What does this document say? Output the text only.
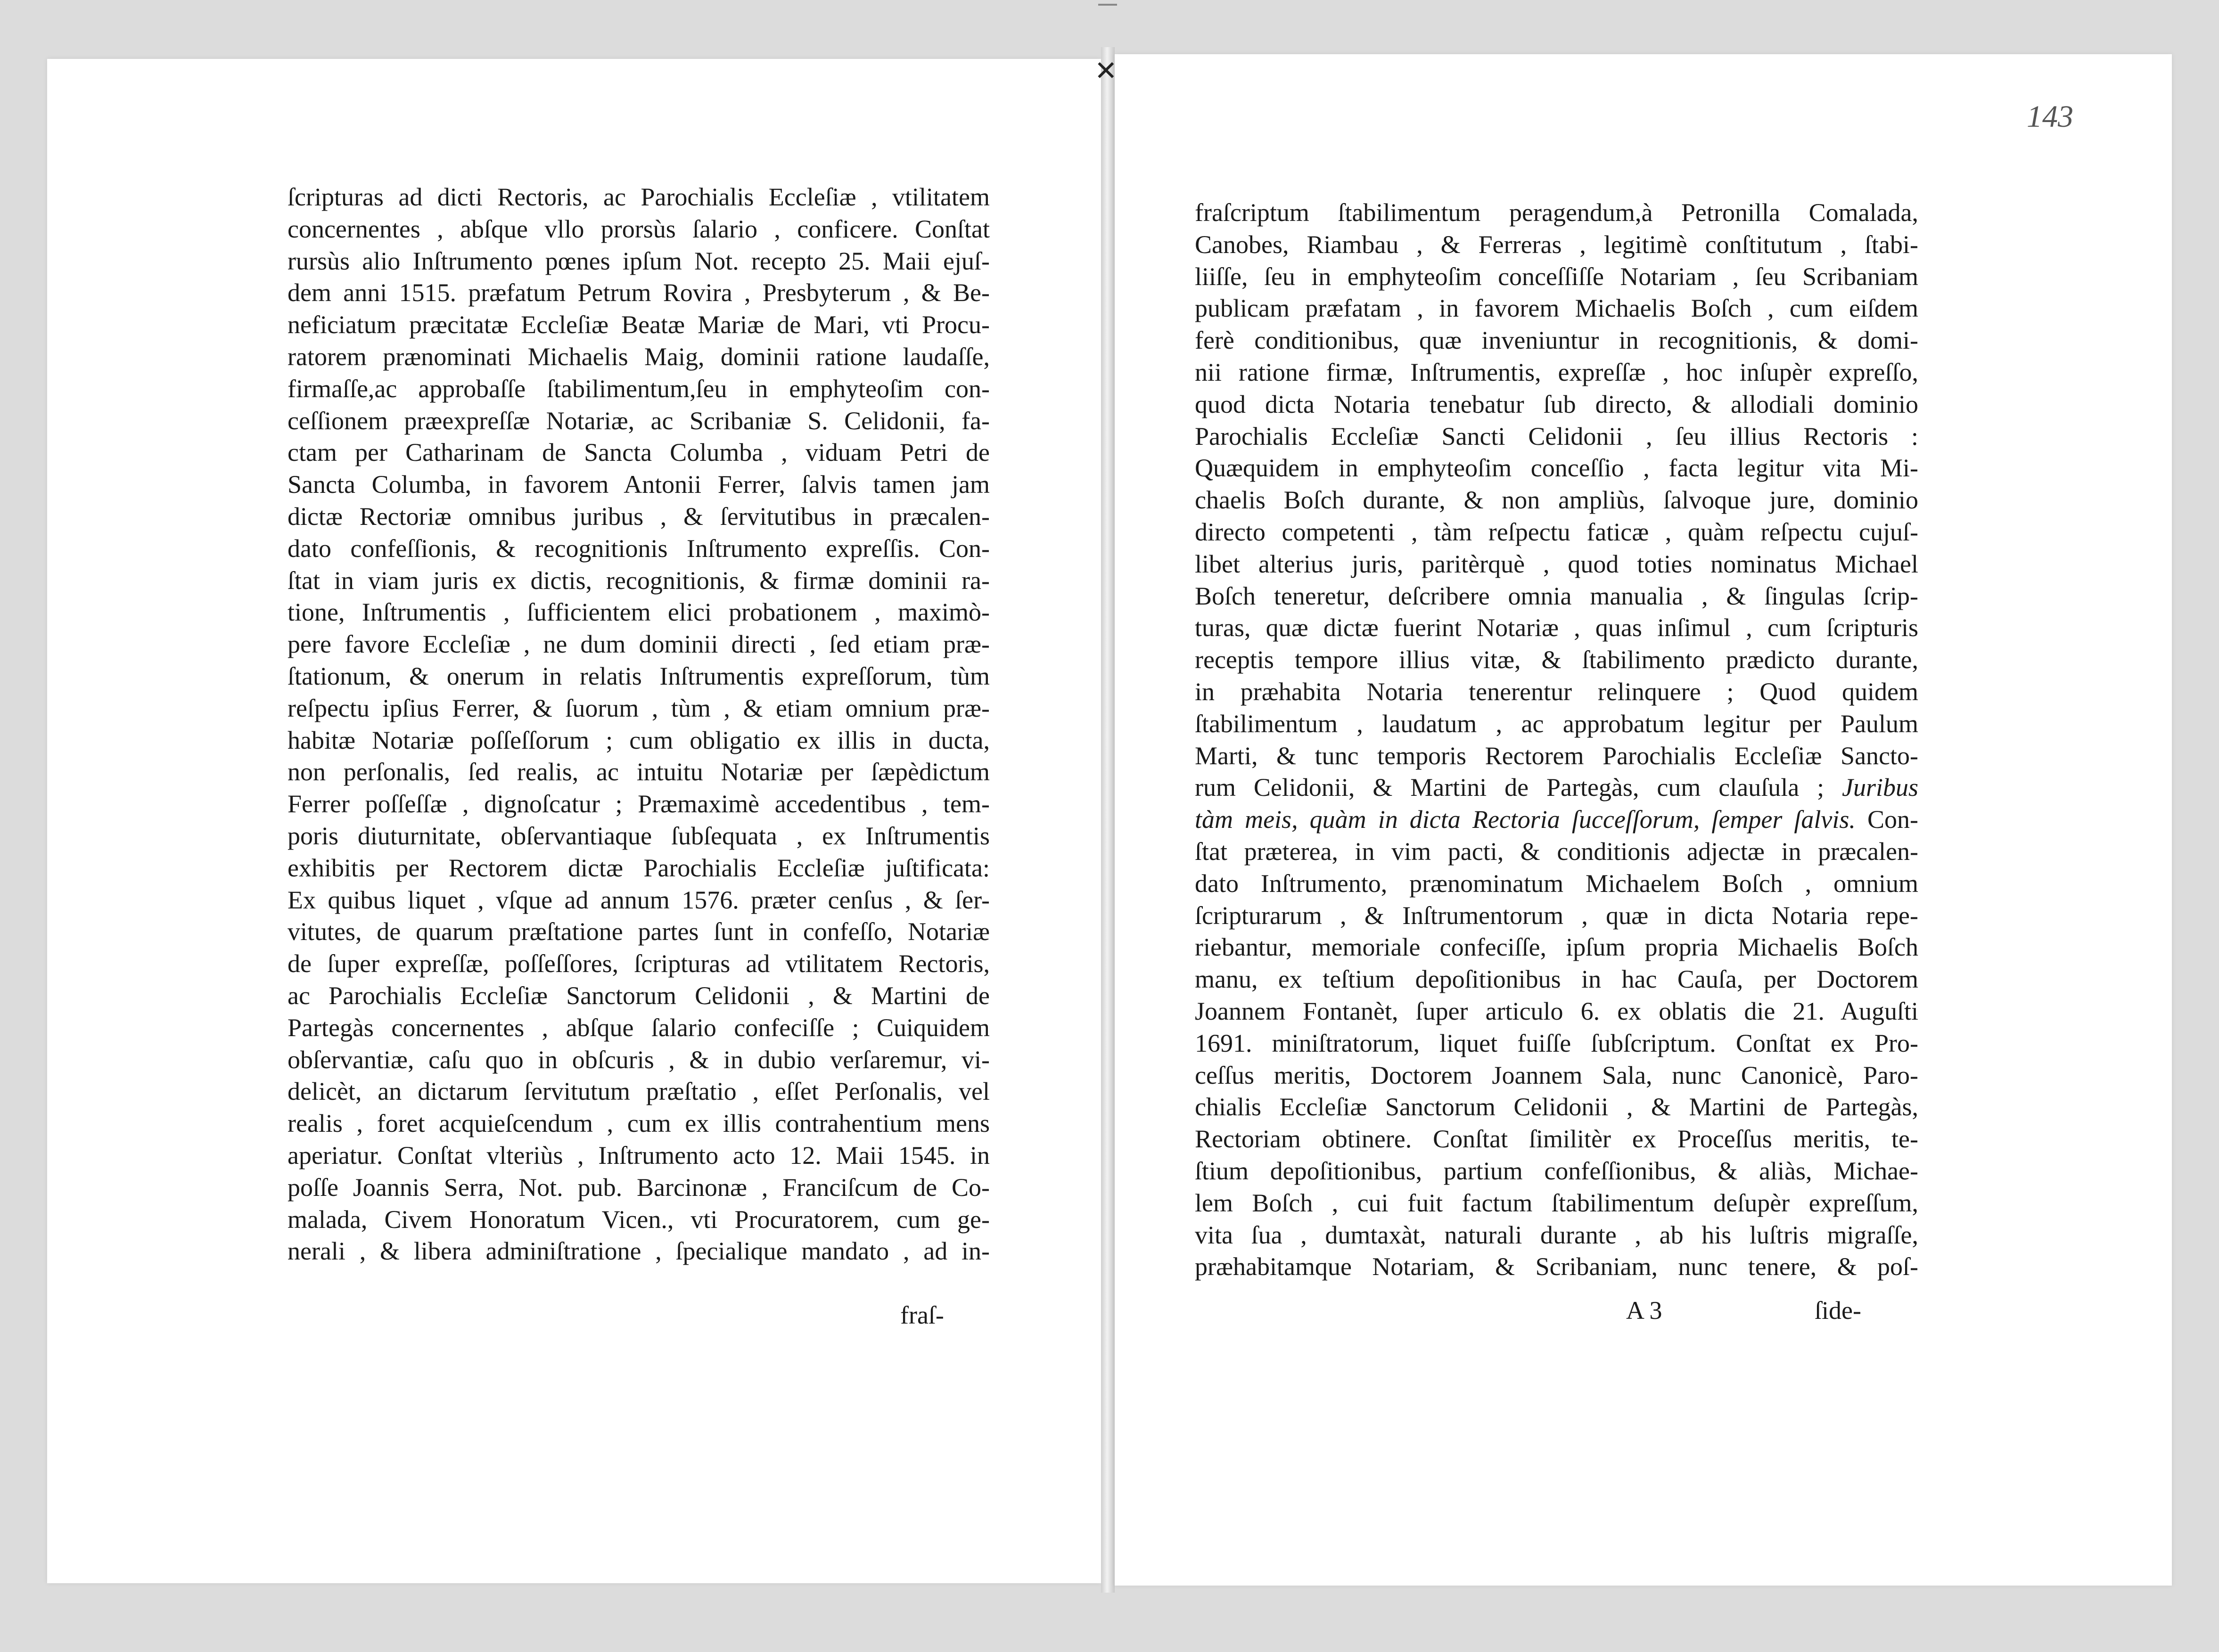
✕
143
ſcripturas ad dicti Rectoris, ac Parochialis Eccleſiæ , vtilitatem
concernentes , abſque vllo prorsùs ſalario , conficere. Conſtat
rursùs alio Inſtrumento pœnes ipſum Not. recepto 25. Maii ejuſ-
dem anni 1515. præfatum Petrum Rovira , Presbyterum , & Be-
neficiatum præcitatæ Eccleſiæ Beatæ Mariæ de Mari, vti Procu-
ratorem prænominati Michaelis Maig, dominii ratione laudaſſe,
firmaſſe,ac approbaſſe ſtabilimentum,ſeu in emphyteoſim con-
ceſſionem præexpreſſæ Notariæ, ac Scribaniæ S. Celidonii, fa-
ctam per Catharinam de Sancta Columba , viduam Petri de
Sancta Columba, in favorem Antonii Ferrer, ſalvis tamen jam
dictæ Rectoriæ omnibus juribus , & ſervitutibus in præcalen-
dato confeſſionis, & recognitionis Inſtrumento expreſſis. Con-
ſtat in viam juris ex dictis, recognitionis, & firmæ dominii ra-
tione, Inſtrumentis , ſufficientem elici probationem , maximò-
pere favore Eccleſiæ , ne dum dominii directi , ſed etiam præ-
ſtationum, & onerum in relatis Inſtrumentis expreſſorum, tùm
reſpectu ipſius Ferrer, & ſuorum , tùm , & etiam omnium præ-
habitæ Notariæ poſſeſſorum ; cum obligatio ex illis in ducta,
non perſonalis, ſed realis, ac intuitu Notariæ per ſæpèdictum
Ferrer poſſeſſæ , dignoſcatur ; Præmaximè accedentibus , tem-
poris diuturnitate, obſervantiaque ſubſequata , ex Inſtrumentis
exhibitis per Rectorem dictæ Parochialis Eccleſiæ juſtificata:
Ex quibus liquet , vſque ad annum 1576. præter cenſus , & ſer-
vitutes, de quarum præſtatione partes ſunt in confeſſo, Notariæ
de ſuper expreſſæ, poſſeſſores, ſcripturas ad vtilitatem Rectoris,
ac Parochialis Eccleſiæ Sanctorum Celidonii , & Martini de
Partegàs concernentes , abſque ſalario confeciſſe ; Cuiquidem
obſervantiæ, caſu quo in obſcuris , & in dubio verſaremur, vi-
delicèt, an dictarum ſervitutum præſtatio , eſſet Perſonalis, vel
realis , foret acquieſcendum , cum ex illis contrahentium mens
aperiatur. Conſtat vlteriùs , Inſtrumento acto 12. Maii 1545. in
poſſe Joannis Serra, Not. pub. Barcinonæ , Franciſcum de Co-
malada, Civem Honoratum Vicen., vti Procuratorem, cum ge-
nerali , & libera adminiſtratione , ſpecialique mandato , ad in-
fraſ-
fraſcriptum ſtabilimentum peragendum,à Petronilla Comalada,
Canobes, Riambau , & Ferreras , legitimè conſtitutum , ſtabi-
liiſſe, ſeu in emphyteoſim conceſſiſſe Notariam , ſeu Scribaniam
publicam præfatam , in favorem Michaelis Boſch , cum eiſdem
ferè conditionibus, quæ inveniuntur in recognitionis, & domi-
nii ratione firmæ, Inſtrumentis, expreſſæ , hoc inſupèr expreſſo,
quod dicta Notaria tenebatur ſub directo, & allodiali dominio
Parochialis Eccleſiæ Sancti Celidonii , ſeu illius Rectoris :
Quæquidem in emphyteoſim conceſſio , facta legitur vita Mi-
chaelis Boſch durante, & non ampliùs, ſalvoque jure, dominio
directo competenti , tàm reſpectu faticæ , quàm reſpectu cujuſ-
libet alterius juris, paritèrquè , quod toties nominatus Michael
Boſch teneretur, deſcribere omnia manualia , & ſingulas ſcrip-
turas, quæ dictæ fuerint Notariæ , quas inſimul , cum ſcripturis
receptis tempore illius vitæ, & ſtabilimento prædicto durante,
in præhabita Notaria tenerentur relinquere ; Quod quidem
ſtabilimentum , laudatum , ac approbatum legitur per Paulum
Marti, & tunc temporis Rectorem Parochialis Eccleſiæ Sancto-
rum Celidonii, & Martini de Partegàs, cum clauſula ; Juribus
tàm meis, quàm in dicta Rectoria ſucceſſorum, ſemper ſalvis. Con-
ſtat præterea, in vim pacti, & conditionis adjectæ in præcalen-
dato Inſtrumento, prænominatum Michaelem Boſch , omnium
ſcripturarum , & Inſtrumentorum , quæ in dicta Notaria repe-
riebantur, memoriale confeciſſe, ipſum propria Michaelis Boſch
manu, ex teſtium depoſitionibus in hac Cauſa, per Doctorem
Joannem Fontanèt, ſuper articulo 6. ex oblatis die 21. Auguſti
1691. miniſtratorum, liquet fuiſſe ſubſcriptum. Conſtat ex Pro-
ceſſus meritis, Doctorem Joannem Sala, nunc Canonicè, Paro-
chialis Eccleſiæ Sanctorum Celidonii , & Martini de Partegàs,
Rectoriam obtinere. Conſtat ſimilitèr ex Proceſſus meritis, te-
ſtium depoſitionibus, partium confeſſionibus, & aliàs, Michae-
lem Boſch , cui fuit factum ſtabilimentum deſupèr expreſſum,
vita ſua , dumtaxàt, naturali durante , ab his luſtris migraſſe,
præhabitamque Notariam, & Scribaniam, nunc tenere, & poſ-
A 3	ſide-
